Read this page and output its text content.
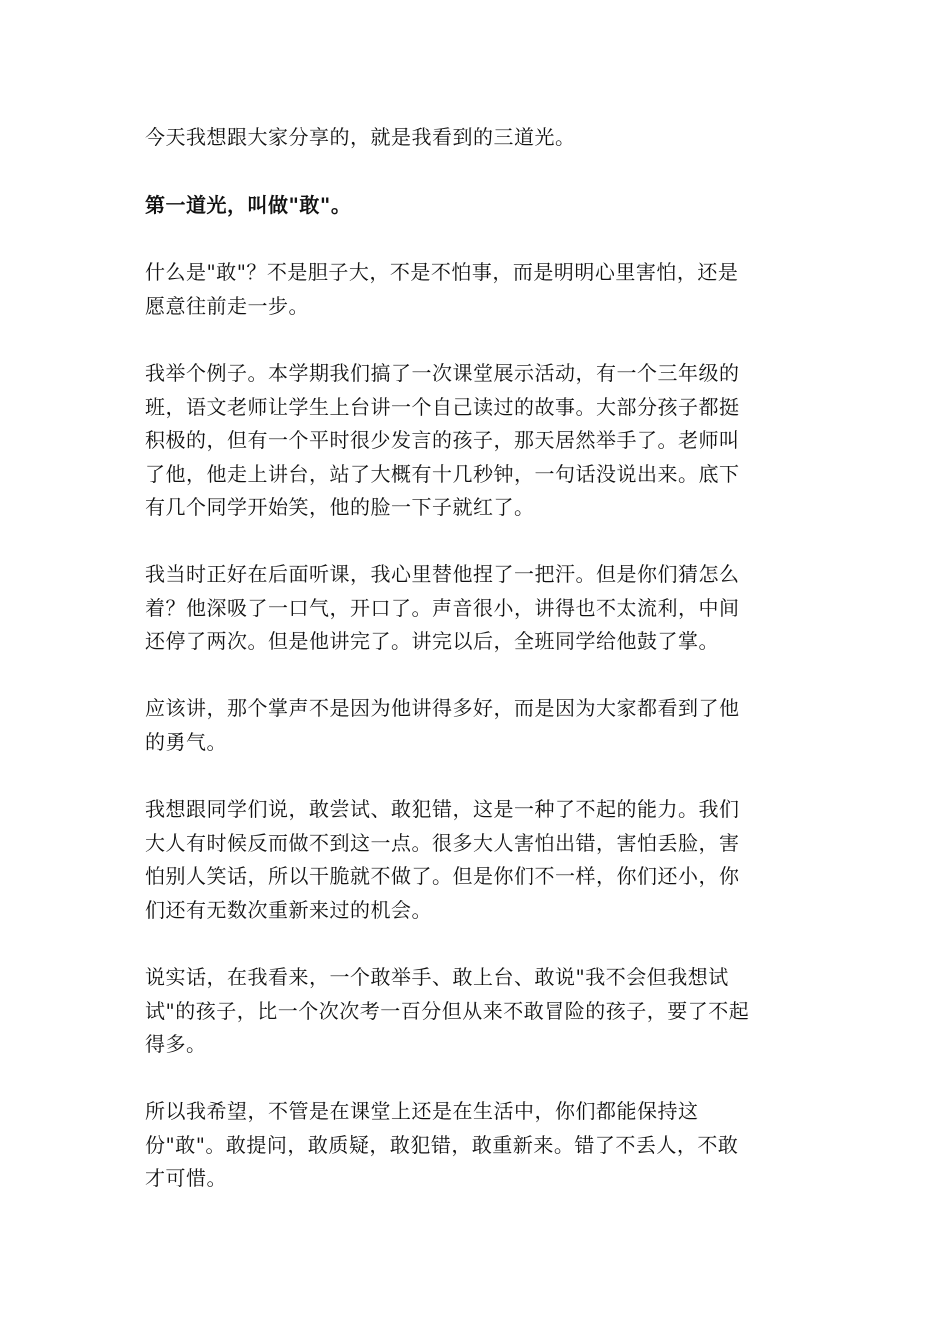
今天我想跟大家分享的，就是我看到的三道光。
第一道光，叫做"敢"。
什么是"敢"？不是胆子大，不是不怕事，而是明明心里害怕，还是
愿意往前走一步。
我举个例子。本学期我们搞了一次课堂展示活动，有一个三年级的
班，语文老师让学生上台讲一个自己读过的故事。大部分孩子都挺
积极的，但有一个平时很少发言的孩子，那天居然举手了。老师叫
了他，他走上讲台，站了大概有十几秒钟，一句话没说出来。底下
有几个同学开始笑，他的脸一下子就红了。
我当时正好在后面听课，我心里替他捏了一把汗。但是你们猜怎么
着？他深吸了一口气，开口了。声音很小，讲得也不太流利，中间
还停了两次。但是他讲完了。讲完以后，全班同学给他鼓了掌。
应该讲，那个掌声不是因为他讲得多好，而是因为大家都看到了他
的勇气。
我想跟同学们说，敢尝试、敢犯错，这是一种了不起的能力。我们
大人有时候反而做不到这一点。很多大人害怕出错，害怕丢脸，害
怕别人笑话，所以干脆就不做了。但是你们不一样，你们还小，你
们还有无数次重新来过的机会。
说实话，在我看来，一个敢举手、敢上台、敢说"我不会但我想试
试"的孩子，比一个次次考一百分但从来不敢冒险的孩子，要了不起
得多。
所以我希望，不管是在课堂上还是在生活中，你们都能保持这
份"敢"。敢提问，敢质疑，敢犯错，敢重新来。错了不丢人，不敢
才可惜。
